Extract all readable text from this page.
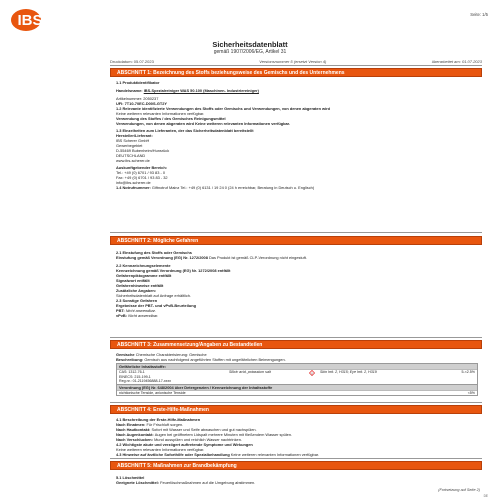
IBS	Seite: 1/5
Sicherheitsdatenblatt
gemäß 1907/2006/EG, Artikel 31
Druckdatum: 05.07.2023	Versionsnummer 5 (ersetzt Version 4)	überarbeitet am: 01.07.2023
ABSCHNITT 1: Bezeichnung des Stoffs beziehungsweise des Gemischs und des Unternehmens
1.1 Produktidentifikator
Handelsname: IBS-Spezialreiniger WAS 50.100 (Maschinen- Industriereiniger)
Artikelnummer: 2050237
UFI: 7T10-70EC-D00S-GT2Y
1.2 Relevante identifizierte Verwendungen des Stoffs oder Gemischs und Verwendungen, von denen abgeraten wird
Keine weiteren relevanten Informationen verfügbar.
Verwendung des Stoffes / des Gemisches Reinigungsmittel
Verwendungen, von denen abgeraten wird Keine weiteren relevanten Informationen verfügbar.
1.3 Einzelheiten zum Lieferanten, der das Sicherheitsdatenblatt bereitstellt
Hersteller/Lieferant:
IBS Scherer GmbH
Gewerbegebiet
D-55469 Bubenheim/Hunsrück
DEUTSCHLAND
www.ibs-scherer.de
Auskunftgebender Bereich:
Tel.: +49 (0) 6701 / 93 83 - 0
Fax: +49 (0) 6701 / 93 83 - 32
info@ibs-scherer.de
1.4 Notrufnummer: Giftnotruf Mainz Tel.: +49 (0) 6131 / 19 24 0 (24 h erreichbar, Beratung in Deutsch u. Englisch)
ABSCHNITT 2: Mögliche Gefahren
2.1 Einstufung des Stoffs oder Gemischs
Einstufung gemäß Verordnung (EG) Nr. 1272/2008 Das Produkt ist gemäß CLP-Verordnung nicht eingestuft.
2.2 Kennzeichnungselemente
Kennzeichnung gemäß Verordnung (EG) Nr. 1272/2008 entfällt
Gefahrenpiktogramme entfällt
Signalwort entfällt
Gefahrenhinweise entfällt
Zusätzliche Angaben:
Sicherheitsdatenblatt auf Anfrage erhältlich.
2.3 Sonstige Gefahren
Ergebnisse der PBT- und vPvB-Beurteilung
PBT: Nicht anwendbar.
vPvB: Nicht anwendbar.
ABSCHNITT 3: Zusammensetzung/Angaben zu Bestandteilen
Gemische Chemische Charakterisierung: Gemische
Beschreibung: Gemisch aus nachfolgend angeführten Stoffen mit ungefährlichen Beimengungen.
Gefährliche Inhaltsstoffe:
CAS: 1312-76-1
EINECS: 215-199-1
Reg.nr.: 01-2119456888-17-xxxx
Silicic acid, potassium salt	! Skin Irrit. 2, H315; Eye Irrit. 2, H319	5-<2.5%
Verordnung (EG) Nr. 648/2004 über Detergenzien / Kennzeichnung der Inhaltsstoffe
nichtionische Tenside, anionische Tenside	<5%
ABSCHNITT 4: Erste-Hilfe-Maßnahmen
4.1 Beschreibung der Erste-Hilfe-Maßnahmen
Nach Einatmen: Für Frischluft sorgen.
Nach Hautkontakt: Sofort mit Wasser und Seife abwaschen und gut nachspülen.
Nach Augenkontakt: Augen bei geöffnetem Lidspalt mehrere Minuten mit fließendem Wasser spülen.
Nach Verschlucken: Mund ausspülen und reichlich Wasser nachtrinken.
4.2 Wichtigste akute und verzögert auftretende Symptome und Wirkungen
Keine weiteren relevanten Informationen verfügbar.
4.3 Hinweise auf ärztliche Soforthilfe oder Spezialbehandlung Keine weiteren relevanten Informationen verfügbar.
ABSCHNITT 5: Maßnahmen zur Brandbekämpfung
5.1 Löschmittel
Geeignete Löschmittel: Feuerlöschmaßnahmen auf die Umgebung abstimmen.
(Fortsetzung auf Seite 2)
DE
